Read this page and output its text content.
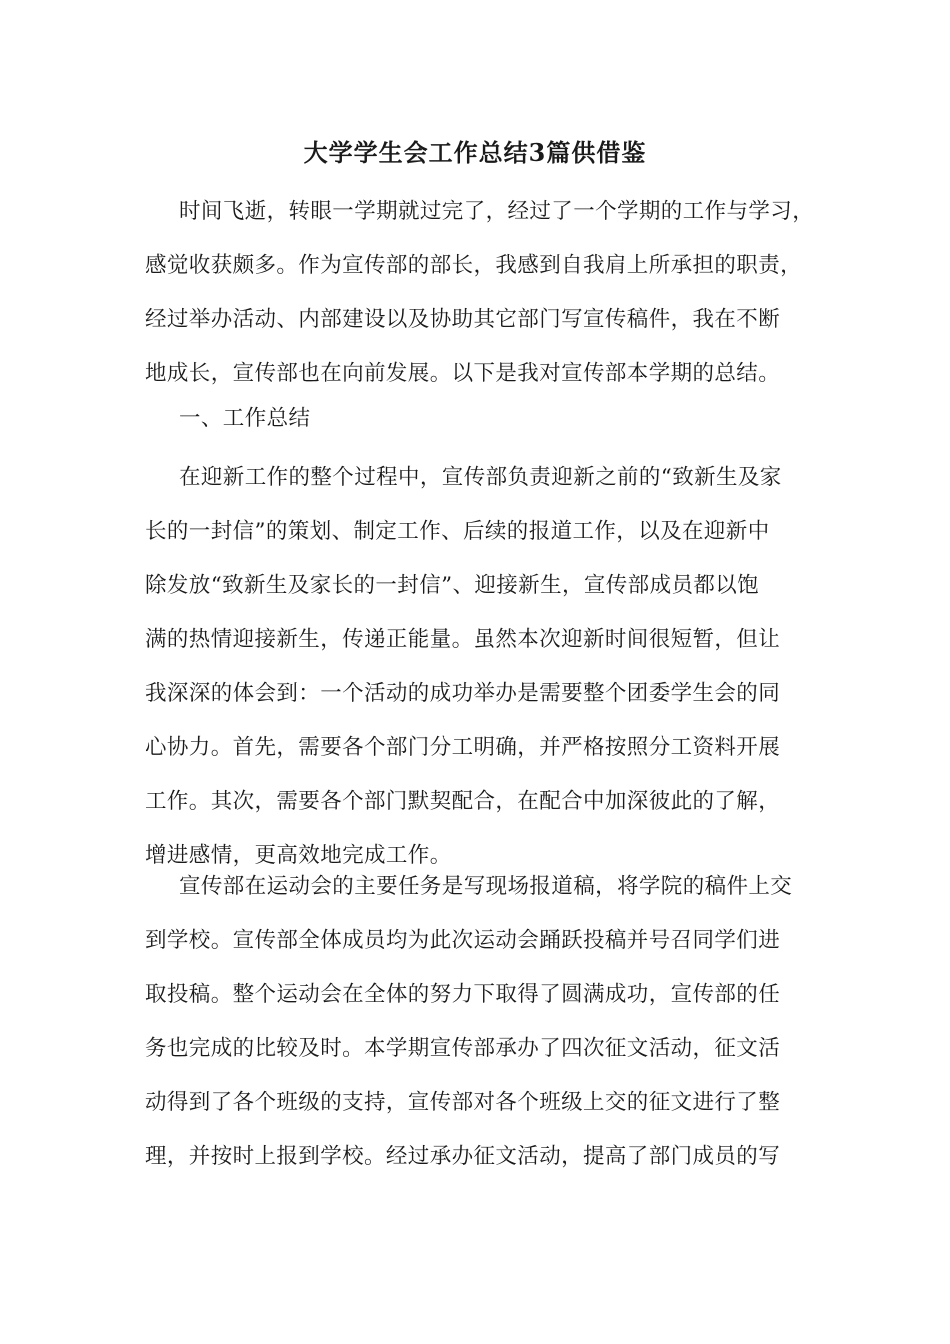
大学学生会工作总结3篇供借鉴
时间飞逝，转眼一学期就过完了，经过了一个学期的工作与学习，
感觉收获颇多。作为宣传部的部长，我感到自我肩上所承担的职责，
经过举办活动、内部建设以及协助其它部门写宣传稿件，我在不断
地成长，宣传部也在向前发展。以下是我对宣传部本学期的总结。
一、工作总结
在迎新工作的整个过程中，宣传部负责迎新之前的“致新生及家
长的一封信”的策划、制定工作、后续的报道工作，以及在迎新中
除发放“致新生及家长的一封信”、迎接新生，宣传部成员都以饱
满的热情迎接新生，传递正能量。虽然本次迎新时间很短暂，但让
我深深的体会到：一个活动的成功举办是需要整个团委学生会的同
心协力。首先，需要各个部门分工明确，并严格按照分工资料开展
工作。其次，需要各个部门默契配合，在配合中加深彼此的了解，
增进感情，更高效地完成工作。
宣传部在运动会的主要任务是写现场报道稿，将学院的稿件上交
到学校。宣传部全体成员均为此次运动会踊跃投稿并号召同学们进
取投稿。整个运动会在全体的努力下取得了圆满成功，宣传部的任
务也完成的比较及时。本学期宣传部承办了四次征文活动，征文活
动得到了各个班级的支持，宣传部对各个班级上交的征文进行了整
理，并按时上报到学校。经过承办征文活动，提高了部门成员的写
